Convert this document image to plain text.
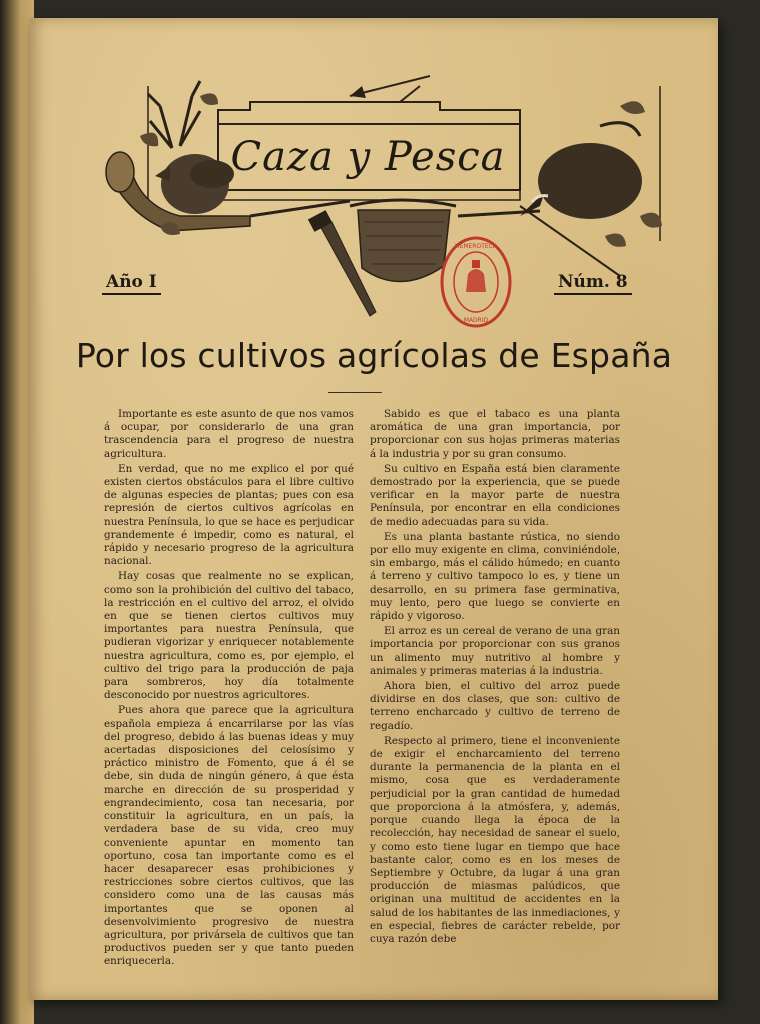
Caza y Pesca
Año I	Núm. 8
HEMEROTECA
MADRID
Por los cultivos agrícolas de España

Importante es este asunto de que nos vamos á ocupar, por considerarlo de una gran trascendencia para el progreso de nuestra agricultura.

En verdad, que no me explico el por qué existen ciertos obstáculos para el libre cultivo de algunas especies de plantas; pues con esa represión de ciertos cultivos agrícolas en nuestra Península, lo que se hace es perjudicar grandemente é impedir, como es natural, el rápido y necesario progreso de la agricultura nacional.

Hay cosas que realmente no se explican, como son la prohibición del cultivo del tabaco, la restricción en el cultivo del arroz, el olvido en que se tienen ciertos cultivos muy importantes para nuestra Península, que pudieran vigorizar y enriquecer notablemente nuestra agricultura, como es, por ejemplo, el cultivo del trigo para la producción de paja para sombreros, hoy día totalmente desconocido por nuestros agricultores.

Pues ahora que parece que la agricultura española empieza á encarrilarse por las vías del progreso, debido á las buenas ideas y muy acertadas disposiciones del celosísimo y práctico ministro de Fomento, que á él se debe, sin duda de ningún género, á que ésta marche en dirección de su prosperidad y engrandecimiento, cosa tan necesaria, por constituir la agricultura, en un país, la verdadera base de su vida, creo muy conveniente apuntar en momento tan oportuno, cosa tan importante como es el hacer desaparecer esas prohibiciones y restricciones sobre ciertos cultivos, que las considero como una de las causas más importantes que se oponen al desenvolvimiento progresivo de nuestra agricultura, por privársela de cultivos que tan productivos pueden ser y que tanto pueden enriquecerla.

Sabido es que el tabaco es una planta aromática de una gran importancia, por proporcionar con sus hojas primeras materias á la industria y por su gran consumo.

Su cultivo en España está bien claramente demostrado por la experiencia, que se puede verificar en la mayor parte de nuestra Península, por encontrar en ella condiciones de medio adecuadas para su vida.

Es una planta bastante rústica, no siendo por ello muy exigente en clima, conviniéndole, sin embargo, más el cálido húmedo; en cuanto á terreno y cultivo tampoco lo es, y tiene un desarrollo, en su primera fase germinativa, muy lento, pero que luego se convierte en rápido y vigoroso.

El arroz es un cereal de verano de una gran importancia por proporcionar con sus granos un alimento muy nutritivo al hombre y animales y primeras materias á la industria.

Ahora bien, el cultivo del arroz puede dividirse en dos clases, que son: cultivo de terreno encharcado y cultivo de terreno de regadío.

Respecto al primero, tiene el inconveniente de exigir el encharcamiento del terreno durante la permanencia de la planta en el mismo, cosa que es verdaderamente perjudicial por la gran cantidad de humedad que proporciona á la atmósfera, y, además, porque cuando llega la época de la recolección, hay necesidad de sanear el suelo, y como esto tiene lugar en tiempo que hace bastante calor, como es en los meses de Septiembre y Octubre, da lugar á una gran producción de miasmas palúdicos, que originan una multitud de accidentes en la salud de los habitantes de las inmediaciones, y en especial, fiebres de carácter rebelde, por cuya razón debe
